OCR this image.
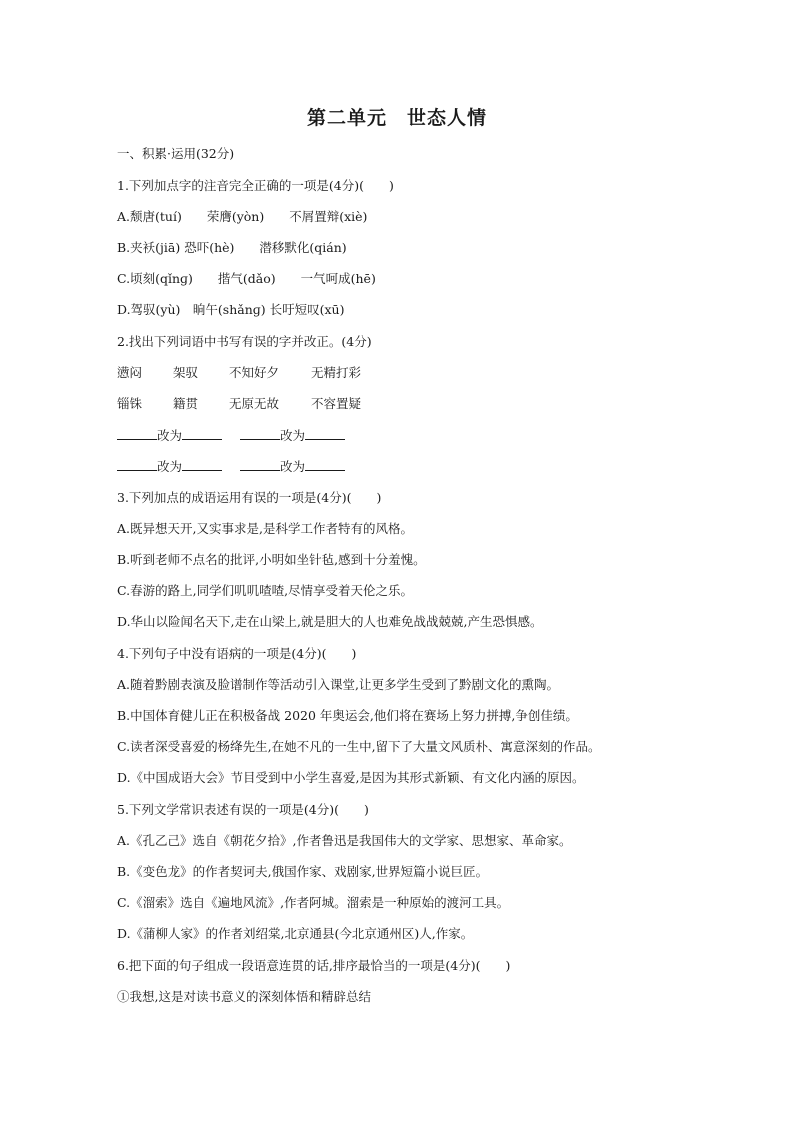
第二单元　世态人情
一、积累·运用(32分)
1.下列加点字的注音完全正确的一项是(4分)(　　)
A.颓唐(tuí)　　荣膺(yòn)　　不屑置辩(xiè)
B.夹袄(jiā) 恐吓(hè)　　潜移默化(qián)
C.顷刻(qǐnɡ)　　揩气(dǎo)　　一气呵成(hē)
D.驾驭(yù)　晌午(shǎnɡ) 长吁短叹(xū)
2.找出下列词语中书写有误的字并改正。(4分)
懑闷 架驭 不知好夕	无精打彩
锱铢 籍贯 无原无故	不容置疑
改为	改为
改为	改为
3.下列加点的成语运用有误的一项是(4分)(　　)
A.既异想天开,又实事求是,是科学工作者特有的风格。
B.听到老师不点名的批评,小明如坐针毡,感到十分羞愧。
C.春游的路上,同学们叽叽喳喳,尽情享受着天伦之乐。
D.华山以险闻名天下,走在山梁上,就是胆大的人也难免战战兢兢,产生恐惧感。
4.下列句子中没有语病的一项是(4分)(　　)
A.随着黔剧表演及脸谱制作等活动引入课堂,让更多学生受到了黔剧文化的熏陶。
B.中国体育健儿正在积极备战 2020 年奥运会,他们将在赛场上努力拼搏,争创佳绩。
C.读者深受喜爱的杨绛先生,在她不凡的一生中,留下了大量文风质朴、寓意深刻的作品。
D.《中国成语大会》节目受到中小学生喜爱,是因为其形式新颖、有文化内涵的原因。
5.下列文学常识表述有误的一项是(4分)(　　)
A.《孔乙己》选自《朝花夕拾》,作者鲁迅是我国伟大的文学家、思想家、革命家。
B.《变色龙》的作者契诃夫,俄国作家、戏剧家,世界短篇小说巨匠。
C.《溜索》选自《遍地风流》,作者阿城。溜索是一种原始的渡河工具。
D.《蒲柳人家》的作者刘绍棠,北京通县(今北京通州区)人,作家。
6.把下面的句子组成一段语意连贯的话,排序最恰当的一项是(4分)(　　)
①我想,这是对读书意义的深刻体悟和精辟总结
